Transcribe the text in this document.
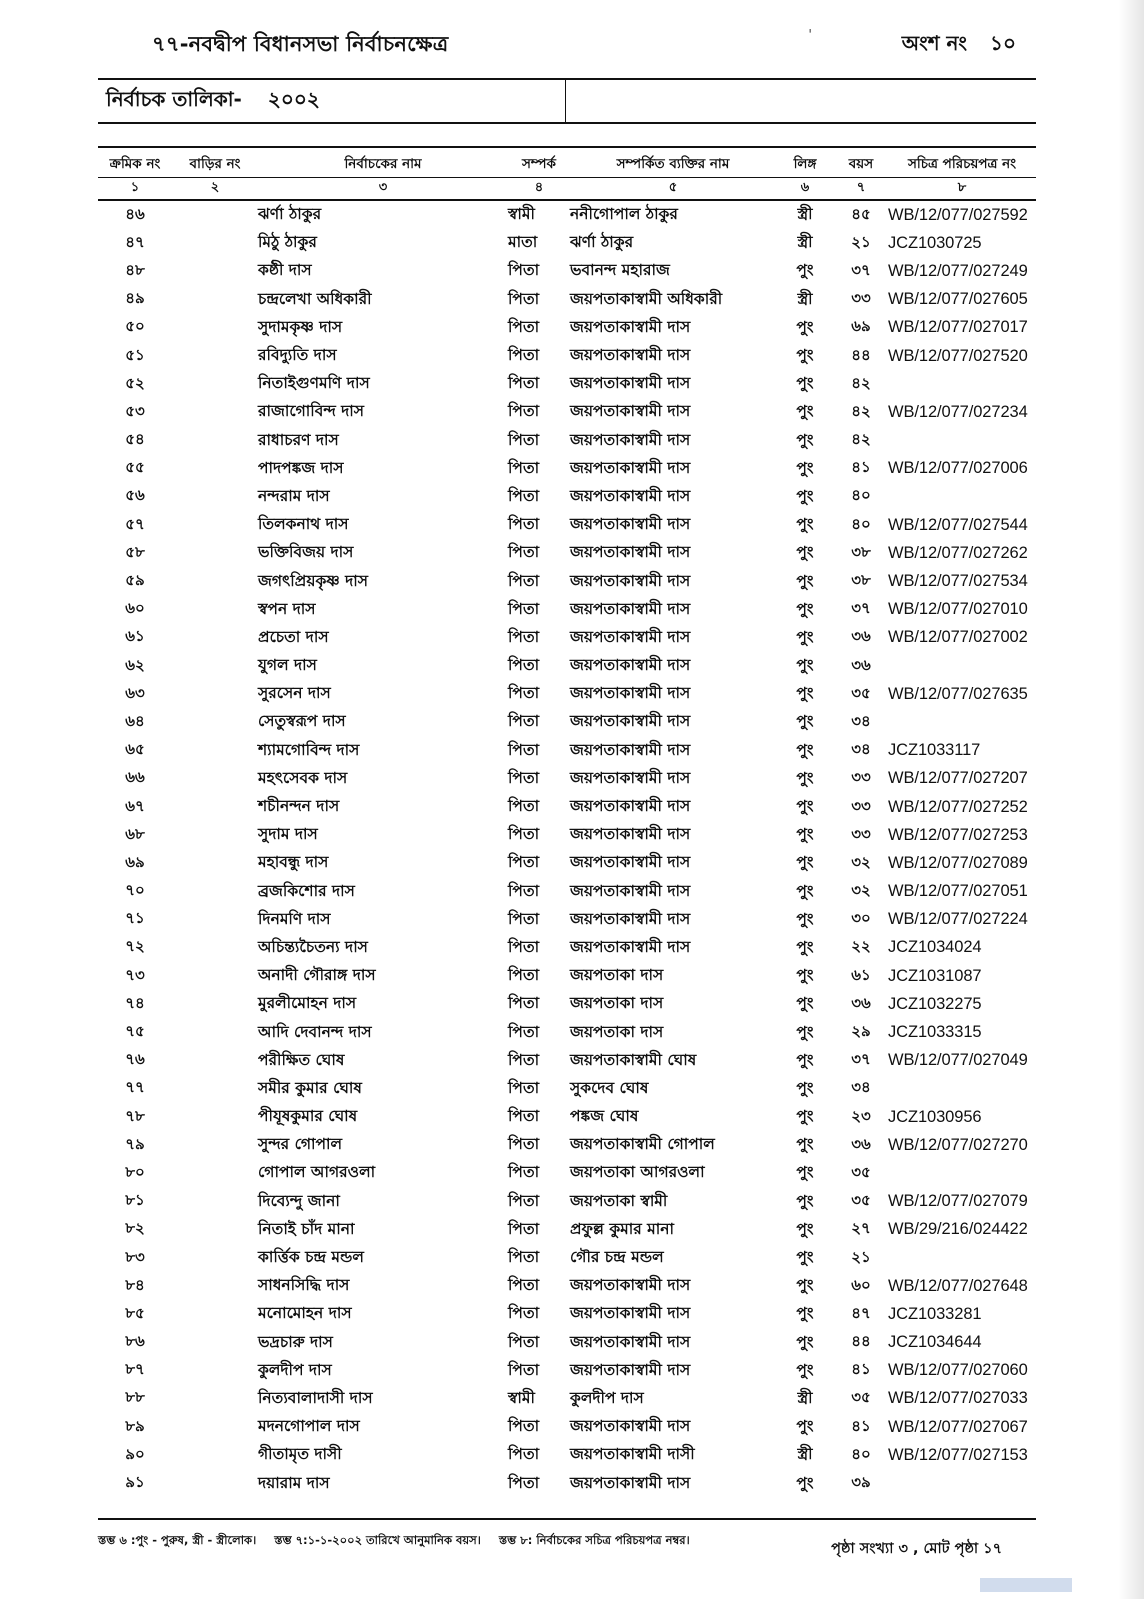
৭৭-নবদ্বীপ বিধানসভা নির্বাচনক্ষেত্র	'	অংশ নং ১০
নির্বাচক তালিকা- ২০০২
ক্রমিক নং	বাড়ির নং	নির্বাচকের নাম	সম্পর্ক	সম্পর্কিত ব্যক্তির নাম	লিঙ্গ	বয়স	সচিত্র পরিচয়পত্র নং
১	২	৩	৪	৫	৬	৭	৮
৪৬		ঝর্ণা ঠাকুর	স্বামী	ননীগোপাল ঠাকুর	স্ত্রী	৪৫	WB/12/077/027592
৪৭		মিঠু ঠাকুর	মাতা	ঝর্ণা ঠাকুর	স্ত্রী	২১	JCZ1030725
৪৮		কষ্ঠী দাস	পিতা	ভবানন্দ মহারাজ	পুং	৩৭	WB/12/077/027249
৪৯		চন্দ্রলেখা অধিকারী	পিতা	জয়পতাকাস্বামী অধিকারী	স্ত্রী	৩৩	WB/12/077/027605
৫০		সুদামকৃষ্ণ দাস	পিতা	জয়পতাকাস্বামী দাস	পুং	৬৯	WB/12/077/027017
৫১		রবিদ্যুতি দাস	পিতা	জয়পতাকাস্বামী দাস	পুং	৪৪	WB/12/077/027520
৫২		নিতাইগুণমণি দাস	পিতা	জয়পতাকাস্বামী দাস	পুং	৪২	
৫৩		রাজাগোবিন্দ দাস	পিতা	জয়পতাকাস্বামী দাস	পুং	৪২	WB/12/077/027234
৫৪		রাধাচরণ দাস	পিতা	জয়পতাকাস্বামী দাস	পুং	৪২	
৫৫		পাদপঙ্কজ দাস	পিতা	জয়পতাকাস্বামী দাস	পুং	৪১	WB/12/077/027006
৫৬		নন্দরাম দাস	পিতা	জয়পতাকাস্বামী দাস	পুং	৪০	
৫৭		তিলকনাথ দাস	পিতা	জয়পতাকাস্বামী দাস	পুং	৪০	WB/12/077/027544
৫৮		ভক্তিবিজয় দাস	পিতা	জয়পতাকাস্বামী দাস	পুং	৩৮	WB/12/077/027262
৫৯		জগৎপ্রিয়কৃষ্ণ দাস	পিতা	জয়পতাকাস্বামী দাস	পুং	৩৮	WB/12/077/027534
৬০		স্বপন দাস	পিতা	জয়পতাকাস্বামী দাস	পুং	৩৭	WB/12/077/027010
৬১		প্রচেতা দাস	পিতা	জয়পতাকাস্বামী দাস	পুং	৩৬	WB/12/077/027002
৬২		যুগল দাস	পিতা	জয়পতাকাস্বামী দাস	পুং	৩৬	
৬৩		সুরসেন দাস	পিতা	জয়পতাকাস্বামী দাস	পুং	৩৫	WB/12/077/027635
৬৪		সেতুস্বরূপ দাস	পিতা	জয়পতাকাস্বামী দাস	পুং	৩৪	
৬৫		শ্যামগোবিন্দ দাস	পিতা	জয়পতাকাস্বামী দাস	পুং	৩৪	JCZ1033117
৬৬		মহৎসেবক দাস	পিতা	জয়পতাকাস্বামী দাস	পুং	৩৩	WB/12/077/027207
৬৭		শচীনন্দন দাস	পিতা	জয়পতাকাস্বামী দাস	পুং	৩৩	WB/12/077/027252
৬৮		সুদাম দাস	পিতা	জয়পতাকাস্বামী দাস	পুং	৩৩	WB/12/077/027253
৬৯		মহাবন্ধু দাস	পিতা	জয়পতাকাস্বামী দাস	পুং	৩২	WB/12/077/027089
৭০		ব্রজকিশোর দাস	পিতা	জয়পতাকাস্বামী দাস	পুং	৩২	WB/12/077/027051
৭১		দিনমণি দাস	পিতা	জয়পতাকাস্বামী দাস	পুং	৩০	WB/12/077/027224
৭২		অচিন্ত্যচৈতন্য দাস	পিতা	জয়পতাকাস্বামী দাস	পুং	২২	JCZ1034024
৭৩		অনাদী গৌরাঙ্গ দাস	পিতা	জয়পতাকা দাস	পুং	৬১	JCZ1031087
৭৪		মুরলীমোহন দাস	পিতা	জয়পতাকা দাস	পুং	৩৬	JCZ1032275
৭৫		আদি দেবানন্দ দাস	পিতা	জয়পতাকা দাস	পুং	২৯	JCZ1033315
৭৬		পরীক্ষিত ঘোষ	পিতা	জয়পতাকাস্বামী ঘোষ	পুং	৩৭	WB/12/077/027049
৭৭		সমীর কুমার ঘোষ	পিতা	সুকদেব ঘোষ	পুং	৩৪	
৭৮		পীযূষকুমার ঘোষ	পিতা	পঙ্কজ ঘোষ	পুং	২৩	JCZ1030956
৭৯		সুন্দর গোপাল	পিতা	জয়পতাকাস্বামী গোপাল	পুং	৩৬	WB/12/077/027270
৮০		গোপাল আগরওলা	পিতা	জয়পতাকা আগরওলা	পুং	৩৫	
৮১		দিব্যেন্দু জানা	পিতা	জয়পতাকা স্বামী	পুং	৩৫	WB/12/077/027079
৮২		নিতাই চাঁদ মানা	পিতা	প্রফুল্ল কুমার মানা	পুং	২৭	WB/29/216/024422
৮৩		কার্ত্তিক চন্দ্র মন্ডল	পিতা	গৌর চন্দ্র মন্ডল	পুং	২১	
৮৪		সাধনসিদ্ধি দাস	পিতা	জয়পতাকাস্বামী দাস	পুং	৬০	WB/12/077/027648
৮৫		মনোমোহন দাস	পিতা	জয়পতাকাস্বামী দাস	পুং	৪৭	JCZ1033281
৮৬		ভদ্রচারু দাস	পিতা	জয়পতাকাস্বামী দাস	পুং	৪৪	JCZ1034644
৮৭		কুলদীপ দাস	পিতা	জয়পতাকাস্বামী দাস	পুং	৪১	WB/12/077/027060
৮৮		নিত্যবালাদাসী দাস	স্বামী	কুলদীপ দাস	স্ত্রী	৩৫	WB/12/077/027033
৮৯		মদনগোপাল দাস	পিতা	জয়পতাকাস্বামী দাস	পুং	৪১	WB/12/077/027067
৯০		গীতামৃত দাসী	পিতা	জয়পতাকাস্বামী দাসী	স্ত্রী	৪০	WB/12/077/027153
৯১		দয়ারাম দাস	পিতা	জয়পতাকাস্বামী দাস	পুং	৩৯	
স্তম্ভ ৬ :পুং - পুরুষ, স্ত্রী - স্ত্রীলোক। স্তম্ভ ৭:১-১-২০০২ তারিখে আনুমানিক বয়স। স্তম্ভ ৮: নির্বাচকের সচিত্র পরিচয়পত্র নম্বর।
পৃষ্ঠা সংখ্যা ৩ , মোট পৃষ্ঠা ১৭
